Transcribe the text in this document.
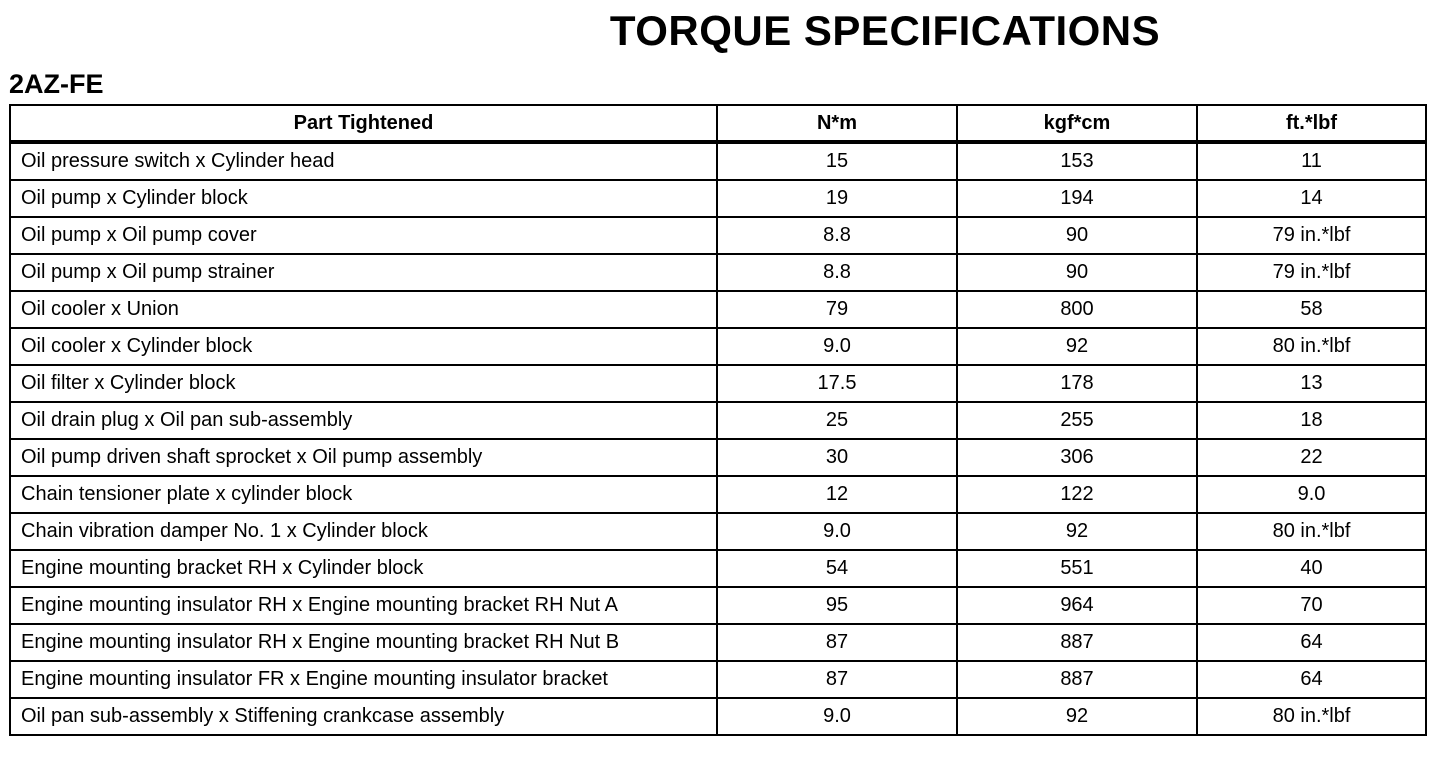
TORQUE SPECIFICATIONS
2AZ-FE
Part Tightened	N*m	kgf*cm	ft.*lbf
Oil pressure switch x Cylinder head	15	153	11
Oil pump x Cylinder block	19	194	14
Oil pump x Oil pump cover	8.8	90	79 in.*lbf
Oil pump x Oil pump strainer	8.8	90	79 in.*lbf
Oil cooler x Union	79	800	58
Oil cooler x Cylinder block	9.0	92	80 in.*lbf
Oil filter x Cylinder block	17.5	178	13
Oil drain plug x Oil pan sub-assembly	25	255	18
Oil pump driven shaft sprocket x Oil pump assembly	30	306	22
Chain tensioner plate x cylinder block	12	122	9.0
Chain vibration damper No. 1 x Cylinder block	9.0	92	80 in.*lbf
Engine mounting bracket RH x Cylinder block	54	551	40
Engine mounting insulator RH x Engine mounting bracket RH Nut A	95	964	70
Engine mounting insulator RH x Engine mounting bracket RH Nut B	87	887	64
Engine mounting insulator FR x Engine mounting insulator bracket	87	887	64
Oil pan sub-assembly x Stiffening crankcase assembly	9.0	92	80 in.*lbf
